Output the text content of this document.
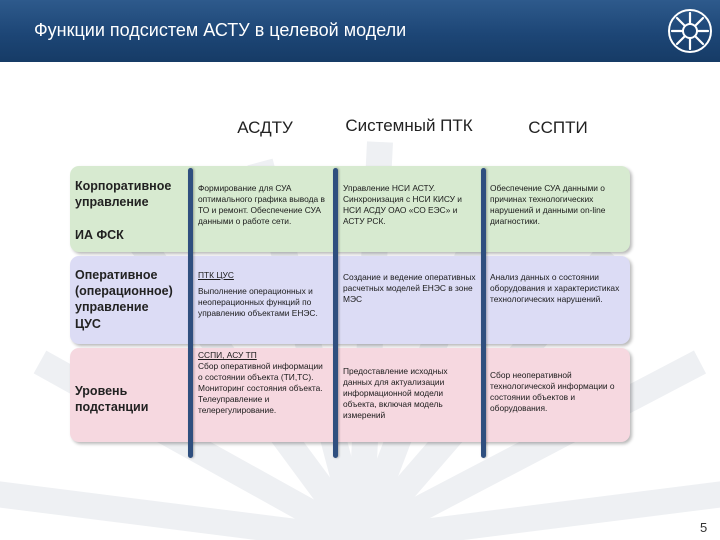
Функции подсистем АСТУ в целевой модели
АСДТУ	Системный ПТК	ССПТИ
Корпоративное управление
ИА ФСК
Оперативное (операционное) управление
ЦУС
Уровень подстанции
Формирование для СУА оптимального графика вывода в ТО и ремонт. Обеспечение СУА данными о работе сети.
Управление НСИ АСТУ. Синхронизация с НСИ КИСУ и НСИ АСДУ ОАО «СО ЕЭС» и АСТУ РСК.
Обеспечение СУА данными о причинах технологических нарушений и данными on-line диагностики.
ПТК ЦУС
Выполнение операционных и неоперационных функций по управлению объектами ЕНЭС.
Создание и ведение оперативных расчетных моделей ЕНЭС в зоне МЭС
Анализ данных о состоянии оборудования и характеристиках технологических нарушений.
ССПИ, АСУ ТП
Сбор оперативной информации о состоянии объекта (ТИ,ТС). Мониторинг состояния объекта. Телеуправление и телерегулирование.
Предоставление исходных данных для актуализации информационной модели объекта, включая модель измерений
Сбор неоперативной технологической информации о состоянии объектов и оборудования.
5
